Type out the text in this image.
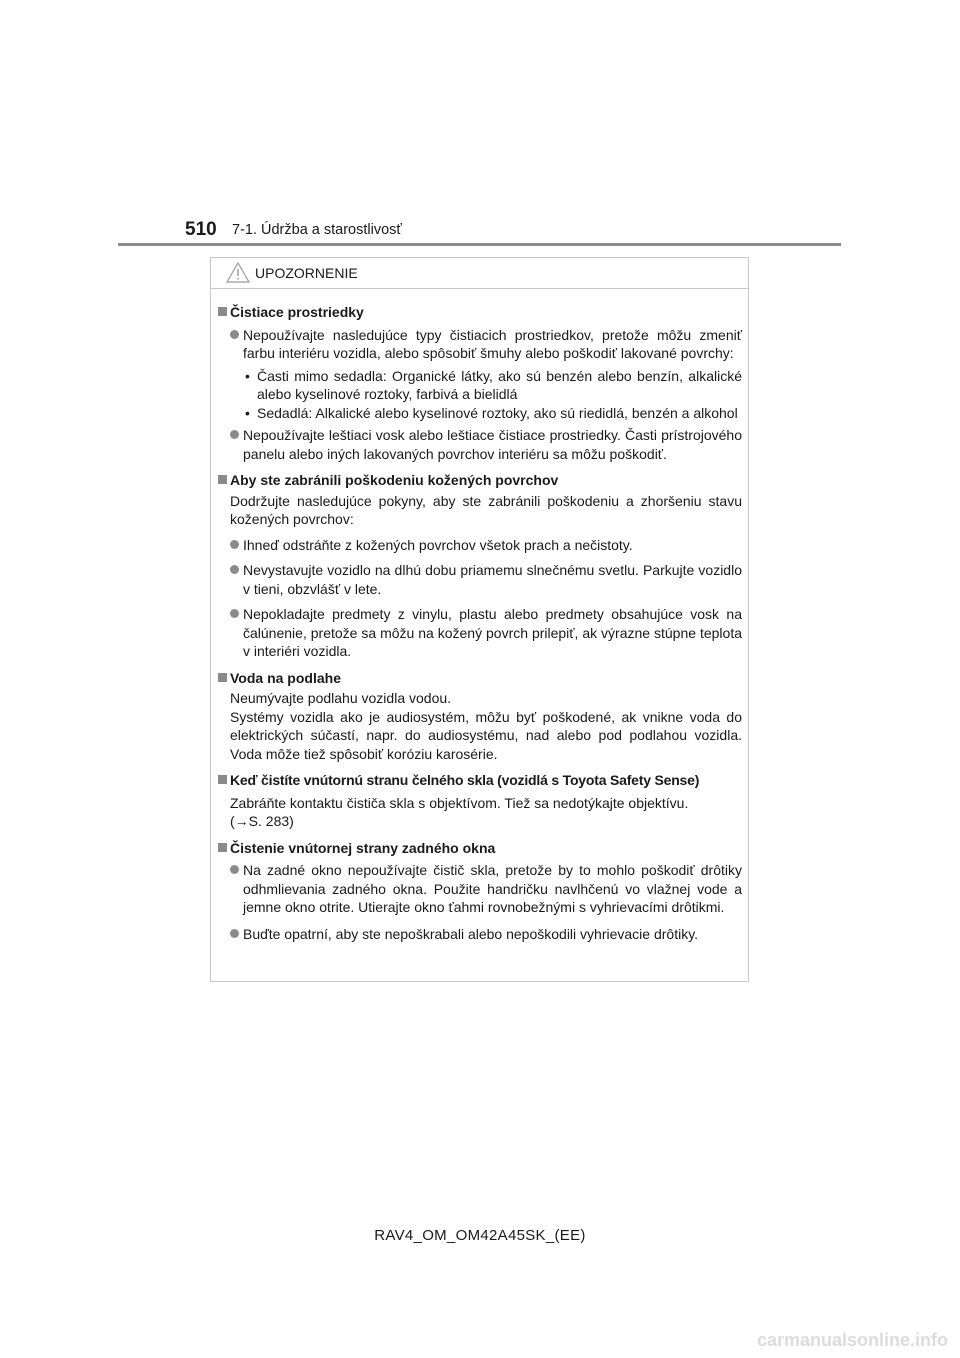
510 7-1. Údržba a starostlivosť
UPOZORNENIE
Čistiace prostriedky
Nepoužívajte nasledujúce typy čistiacich prostriedkov, pretože môžu zmeniť farbu interiéru vozidla, alebo spôsobiť šmuhy alebo poškodiť lakované povrchy:
• Časti mimo sedadla: Organické látky, ako sú benzén alebo benzín, alkalické alebo kyselinové roztoky, farbivá a bielidlá
• Sedadlá: Alkalické alebo kyselinové roztoky, ako sú riedidlá, benzén a alkohol
Nepoužívajte leštiaci vosk alebo leštiace čistiace prostriedky. Časti prístrojového panelu alebo iných lakovaných povrchov interiéru sa môžu poškodiť.
Aby ste zabránili poškodeniu kožených povrchov
Dodržujte nasledujúce pokyny, aby ste zabránili poškodeniu a zhoršeniu stavu kožených povrchov:
Ihneď odstráňte z kožených povrchov všetok prach a nečistoty.
Nevystavujte vozidlo na dlhú dobu priamemu slnečnému svetlu. Parkujte vozidlo v tieni, obzvlášť v lete.
Nepokladajte predmety z vinylu, plastu alebo predmety obsahujúce vosk na čalúnenie, pretože sa môžu na kožený povrch prilepiť, ak výrazne stúpne teplota v interiéri vozidla.
Voda na podlahe
Neumývajte podlahu vozidla vodou.
Systémy vozidla ako je audiosystém, môžu byť poškodené, ak vnikne voda do elektrických súčastí, napr. do audiosystému, nad alebo pod podlahou vozidla. Voda môže tiež spôsobiť koróziu karosérie.
Keď čistíte vnútornú stranu čelného skla (vozidlá s Toyota Safety Sense)
Zabráňte kontaktu čističa skla s objektívom. Tiež sa nedotýkajte objektívu.
(→S. 283)
Čistenie vnútornej strany zadného okna
Na zadné okno nepoužívajte čistič skla, pretože by to mohlo poškodiť drôtiky odhmlievania zadného okna. Použite handričku navlhčenú vo vlažnej vode a jemne okno otrite. Utierajte okno ťahmi rovnobežnými s vyhrievacími drôtikmi.
Buďte opatrní, aby ste nepoškrabali alebo nepoškodili vyhrievacie drôtiky.
RAV4_OM_OM42A45SK_(EE)
carmanualsonline.info
